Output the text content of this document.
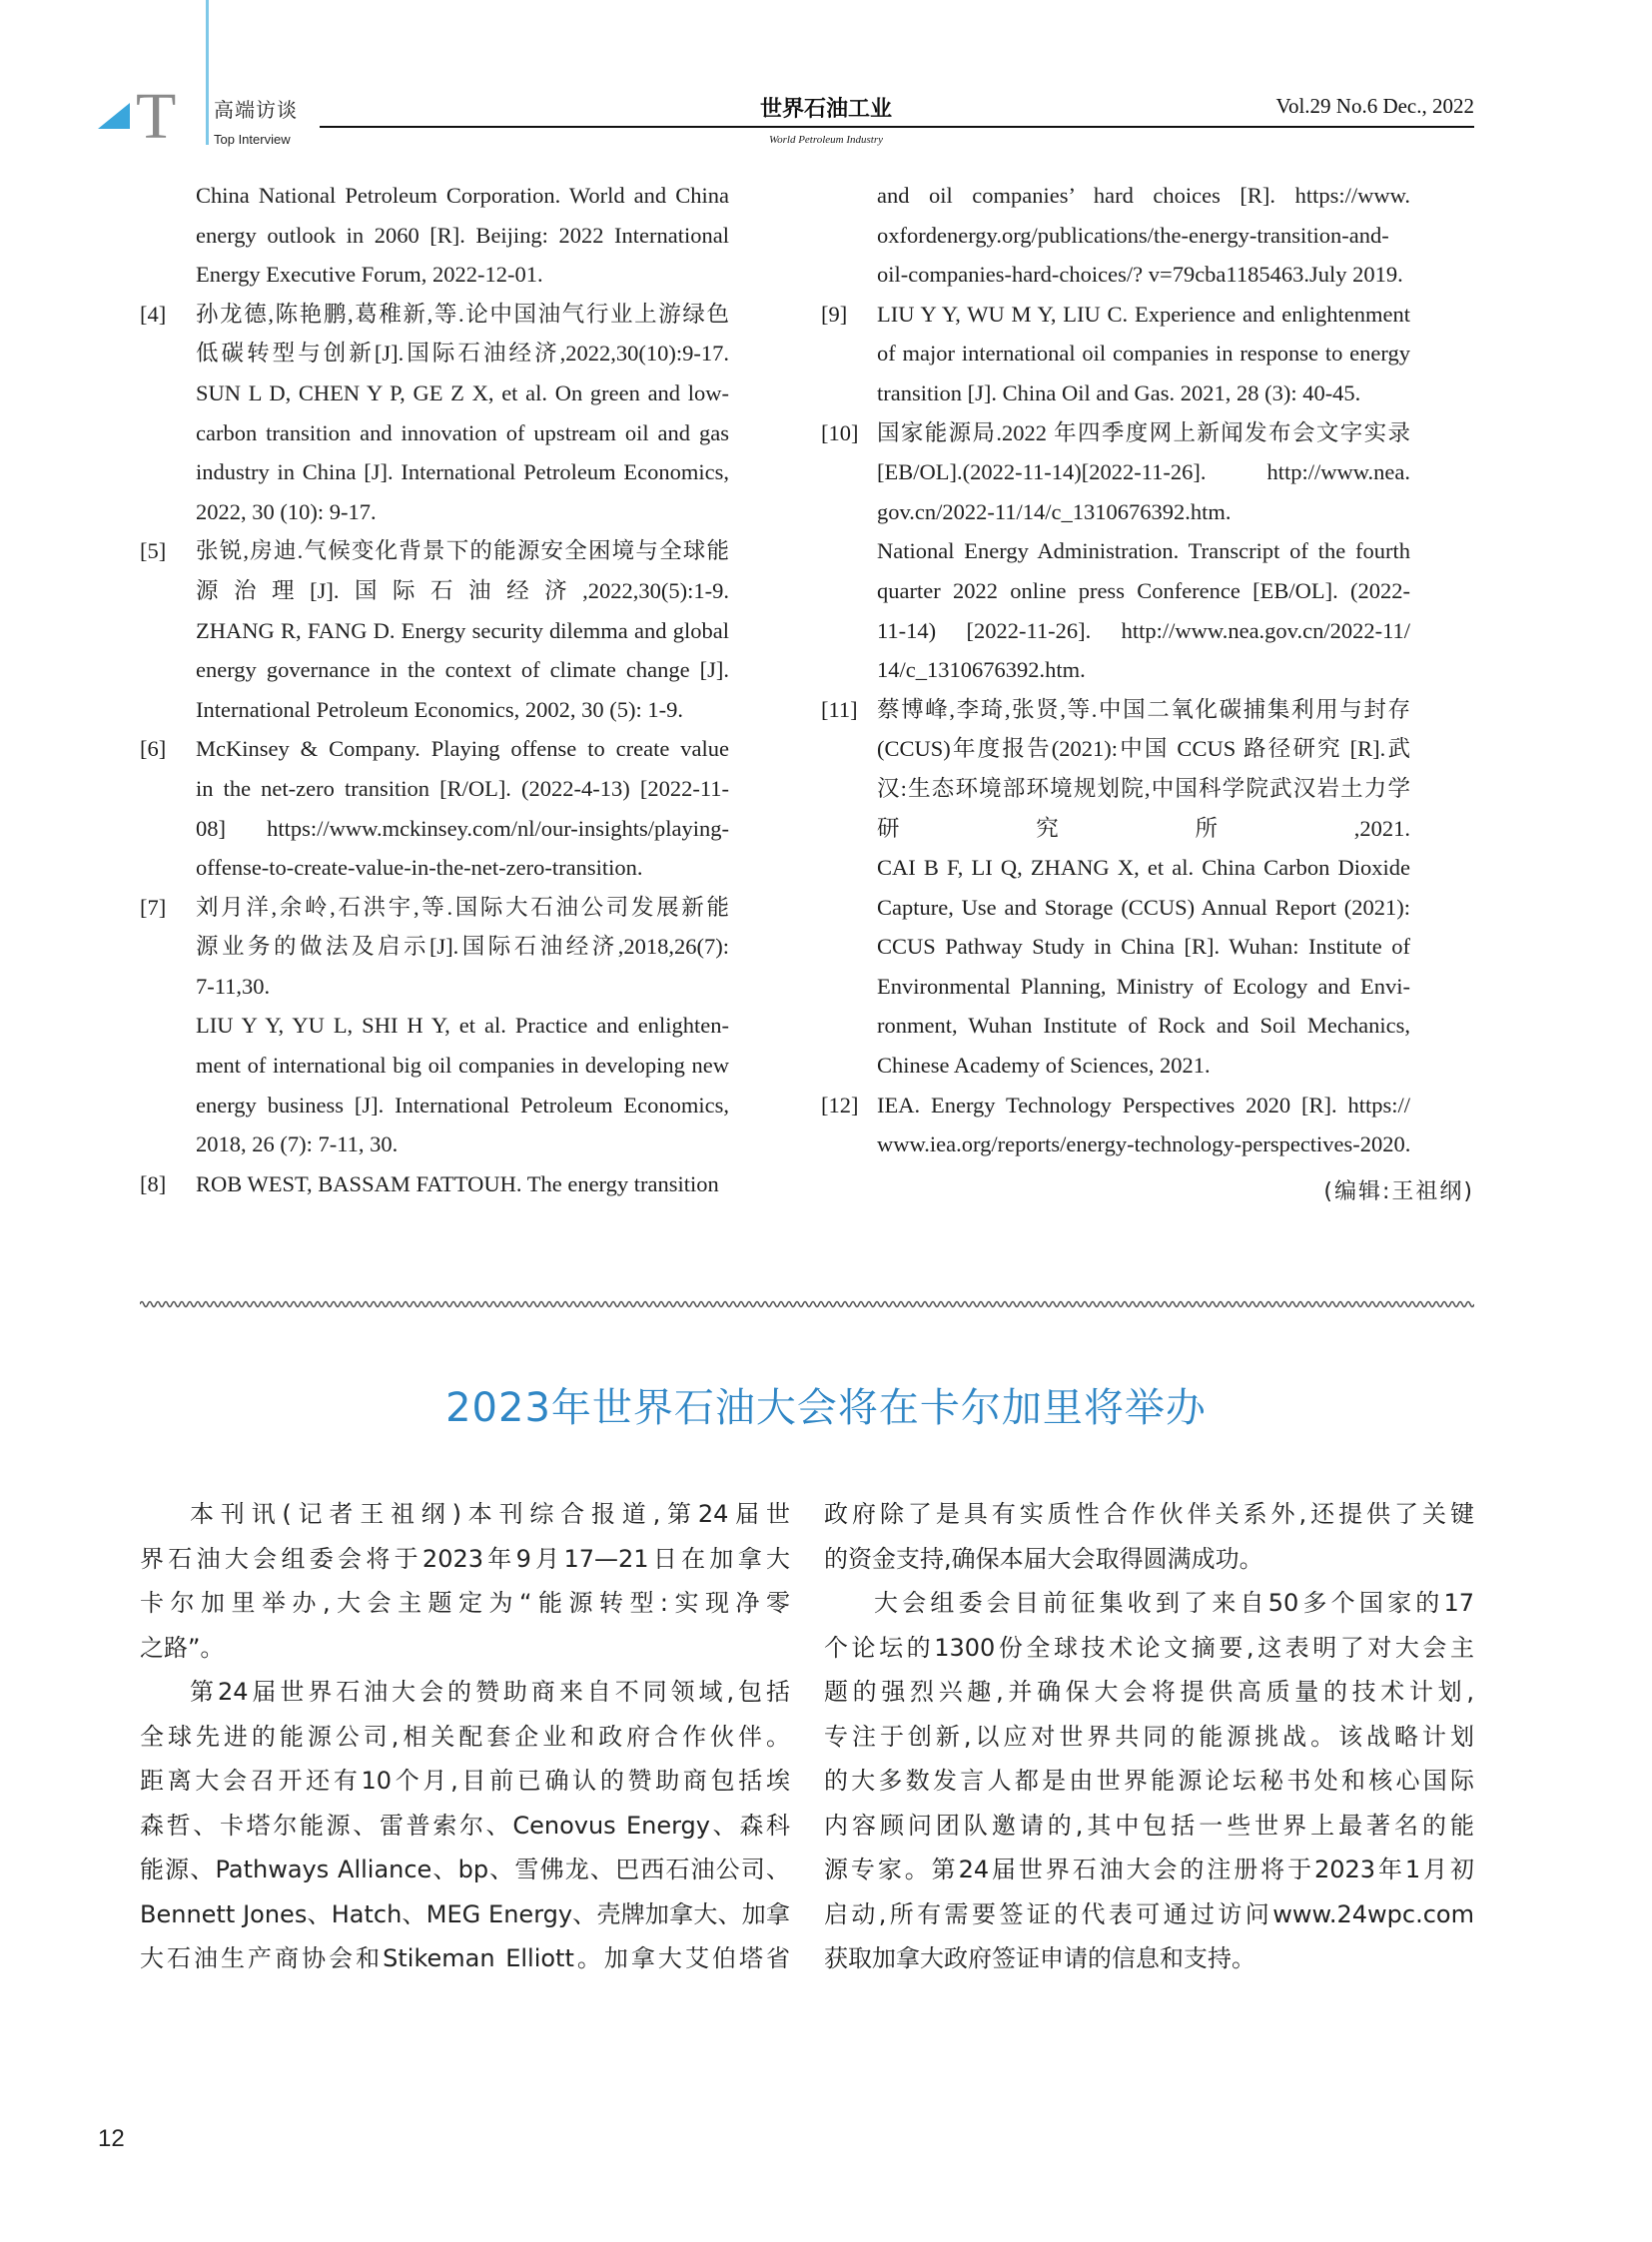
T 高端访谈
Top Interview
世界石油工业
World Petroleum Industry
Vol.29 No.6 Dec., 2022
China National Petroleum Corporation. World and China
energy outlook in 2060 [R]. Beijing: 2022 International
Energy Executive Forum, 2022-12-01.
[4] 孙龙德,陈艳鹏,葛稚新,等.论中国油气行业上游绿色
低碳转型与创新[J].国际石油经济,2022,30(10):9-17.
SUN L D, CHEN Y P, GE Z X, et al. On green and low-
carbon transition and innovation of upstream oil and gas
industry in China [J]. International Petroleum Economics,
2022, 30 (10): 9-17.
[5] 张锐,房迪.气候变化背景下的能源安全困境与全球能
源治理[J].国际石油经济,2022,30(5):1-9.
ZHANG R, FANG D. Energy security dilemma and global
energy governance in the context of climate change [J].
International Petroleum Economics, 2002, 30 (5): 1-9.
[6] McKinsey & Company. Playing offense to create value
in the net-zero transition [R/OL]. (2022-4-13) [2022-11-
08] https://www.mckinsey.com/nl/our-insights/playing-
offense-to-create-value-in-the-net-zero-transition.
[7] 刘月洋,余岭,石洪宇,等.国际大石油公司发展新能
源业务的做法及启示[J].国际石油经济,2018,26(7):
7-11,30.
LIU Y Y, YU L, SHI H Y, et al. Practice and enlighten-
ment of international big oil companies in developing new
energy business [J]. International Petroleum Economics,
2018, 26 (7): 7-11, 30.
[8] ROB WEST, BASSAM FATTOUH. The energy transition
and oil companies’ hard choices [R]. https://www.
oxfordenergy.org/publications/the-energy-transition-and-
oil-companies-hard-choices/? v=79cba1185463.July 2019.
[9] LIU Y Y, WU M Y, LIU C. Experience and enlightenment
of major international oil companies in response to energy
transition [J]. China Oil and Gas. 2021, 28 (3): 40-45.
[10] 国家能源局.2022 年四季度网上新闻发布会文字实录
[EB/OL].(2022-11-14)[2022-11-26]. http://www.nea.
gov.cn/2022-11/14/c_1310676392.htm.
National Energy Administration. Transcript of the fourth
quarter 2022 online press Conference [EB/OL]. (2022-
11-14) [2022-11-26]. http://www.nea.gov.cn/2022-11/
14/c_1310676392.htm.
[11] 蔡博峰,李琦,张贤,等.中国二氧化碳捕集利用与封存
(CCUS)年度报告(2021):中国 CCUS 路径研究 [R].武
汉:生态环境部环境规划院,中国科学院武汉岩土力学
研究所,2021.
CAI B F, LI Q, ZHANG X, et al. China Carbon Dioxide
Capture, Use and Storage (CCUS) Annual Report (2021):
CCUS Pathway Study in China [R]. Wuhan: Institute of
Environmental Planning, Ministry of Ecology and Envi-
ronment, Wuhan Institute of Rock and Soil Mechanics,
Chinese Academy of Sciences, 2021.
[12] IEA. Energy Technology Perspectives 2020 [R]. https://
www.iea.org/reports/energy-technology-perspectives-2020.
(编辑:王祖纲)
2023年世界石油大会将在卡尔加里将举办
本刊讯(记者王祖纲)本刊综合报道,第24届世
界石油大会组委会将于2023年9月17—21日在加拿大
卡尔加里举办,大会主题定为“能源转型:实现净零
之路”。
第24届世界石油大会的赞助商来自不同领域,包括
全球先进的能源公司,相关配套企业和政府合作伙伴。
距离大会召开还有10个月,目前已确认的赞助商包括埃
森哲、卡塔尔能源、雷普索尔、Cenovus Energy、森科
能源、Pathways Alliance、bp、雪佛龙、巴西石油公司、
Bennett Jones、Hatch、MEG Energy、壳牌加拿大、加拿
大石油生产商协会和Stikeman Elliott。加拿大艾伯塔省
政府除了是具有实质性合作伙伴关系外,还提供了关键
的资金支持,确保本届大会取得圆满成功。
大会组委会目前征集收到了来自50多个国家的17
个论坛的1300份全球技术论文摘要,这表明了对大会主
题的强烈兴趣,并确保大会将提供高质量的技术计划,
专注于创新,以应对世界共同的能源挑战。该战略计划
的大多数发言人都是由世界能源论坛秘书处和核心国际
内容顾问团队邀请的,其中包括一些世界上最著名的能
源专家。第24届世界石油大会的注册将于2023年1月初
启动,所有需要签证的代表可通过访问www.24wpc.com
获取加拿大政府签证申请的信息和支持。
12
